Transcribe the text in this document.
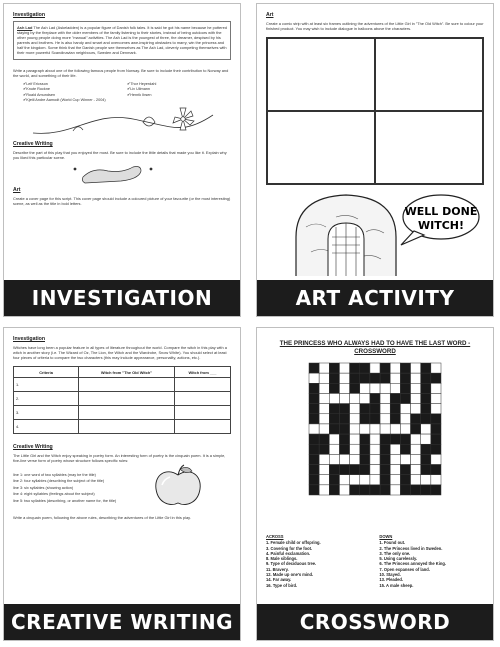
Investigation
Ash Lad The Ash Lad (Askeladden) is a popular figure of Danish folk tales. It is said he got his name because he pottered staying by the fireplace with the older members of the family listening to their stories, instead of being outdoors with the other young people doing more "manual" activities. The Ash Lad is the youngest of three, the dreamer, despised by his parents and brothers. He is also handy and smart and overcomes awe-inspiring obstacles to marry, win the princess and half the kingdom. Some think that the Danish people see themselves as The Ash Lad, cleverly competing themselves with their more powerful Scandinavian neighbours, Sweden and Denmark.
Write a paragraph about one of the following famous people from Norway. Be sure to include their contribution to Norway and the world, and something of their life.
✔ Leif Ericsson	✔ Thor Heyerdahl
✔ Knute Rockne	✔ Liv Ullmann
✔ Roald Amundsen	✔ Henrik Ibsen
✔ Kjetil Andre Aamodt (World Cup Winner - 2004)
Creative Writing
Describe the part of this play that you enjoyed the most. Be sure to include the little details that made you like it. Explain why you liked this particular scene.
Art
Create a cover page for this script. This cover page should include a coloured picture of your favourite (or the most interesting) scene, as well as the title in bold letters.
INVESTIGATION
Art
Create a comic strip with at least six frames outlining the adventures of the Little Girl in "The Old Witch". Be sure to colour your finished product. You may wish to include dialogue in balloons above the characters.
WELL DONE
WITCH!
ART ACTIVITY
Investigation
Witches have long been a popular feature in all types of literature throughout the world. Compare the witch in this play with a witch in another story (i.e. The Wizard of Oz, The Lion, the Witch and the Wardrobe, Snow White). You should select at least four pieces of criteria to compare the two characters (this may include appearance, personality, actions, etc.).
Criteria	Witch from "The Old Witch"	Witch from ___
1.		
2.		
3.		
4.		
Creative Writing
The Little Girl and the Witch enjoy speaking in poetry form. An interesting form of poetry is the cinquain poem. It is a simple, five-line verse form of poetry whose structure follows specific rules:
line 1: one word of two syllables (may be the title)
line 2: four syllables (describing the subject of the title)
line 3: six syllables (showing action)
line 4: eight syllables (feelings about the subject)
line 5: two syllables (describing, or another name for, the title)
Write a cinquain poem, following the above rules, describing the adventures of the Little Girl in this play.
CREATIVE WRITING
THE PRINCESS WHO ALWAYS HAD TO HAVE THE LAST WORD - CROSSWORD
ACROSS
1. Female child or offspring.
3. Covering for the foot.
4. Painful exclamation.
8. Male siblings.
9. Type of deciduous tree.
11. Bravery.
12. Made up one's mind.
14. Far away.
16. Type of bird.
DOWN
1. Found out.
2. The Princess lived in Sweden.
3. The only one.
5. Using carelessly.
6. The Princess annoyed the King.
7. Open expanses of land.
10. Stayed.
13. Pleaded.
15. A male sheep.
CROSSWORD
